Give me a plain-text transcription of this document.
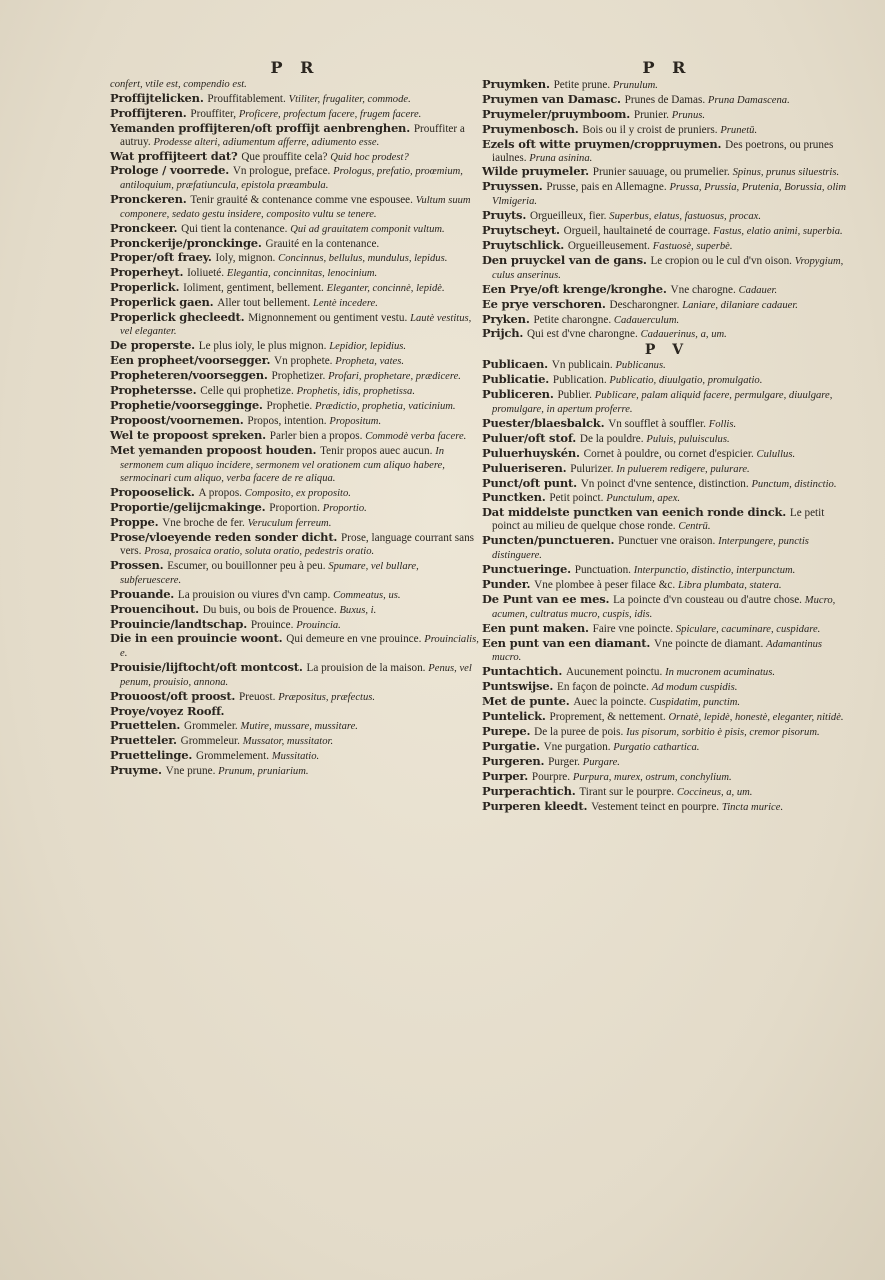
P R

confert, vtile est, compendio est.

Proffijtelicken. Prouffitablement. Vtiliter, frugaliter, commode.

Proffijteren. Prouffiter, Proficere, profectum facere, frugem facere.

Yemanden proffijteren/oft proffijt aenbrenghen. Prouffiter a autruy. Prodesse alteri, adiumentum afferre, adiumento esse.

Wat proffijteert dat? Que prouffite cela? Quid hoc prodest?

Prologe / voorrede. Vn prologue, preface. Prologus, prefatio, proœmium, antiloquium, præfatiuncula, epistola præambula.

Pronckeren. Tenir grauité & contenance comme vne espousee. Vultum suum componere, sedato gestu insidere, composito vultu se tenere.

Pronckeer. Qui tient la contenance. Qui ad grauitatem componit vultum.

Pronckerije/pronckinge. Grauité en la contenance.

Proper/oft fraey. Ioly, mignon. Concinnus, bellulus, mundulus, lepidus.

Properheyt. Ioliueté. Elegantia, concinnitas, lenocinium.

Properlick. Ioliment, gentiment, bellement. Eleganter, concinnè, lepidè.

Properlick gaen. Aller tout bellement. Lentè incedere.

Properlick ghecleedt. Mignonnement ou gentiment vestu. Lautè vestitus, vel eleganter.

De properste. Le plus ioly, le plus mignon. Lepidior, lepidius.

Een propheet/voorsegger. Vn prophete. Propheta, vates.

Propheteren/voorseggen. Prophetizer. Profari, prophetare, prædicere.

Prophetersse. Celle qui prophetize. Prophetis, idis, prophetissa.

Prophetie/voorsegginge. Prophetie. Prædictio, prophetia, vaticinium.

Propoost/voornemen. Propos, intention. Propositum.

Wel te propoost spreken. Parler bien a propos. Commodè verba facere.

Met yemanden propoost houden. Tenir propos auec aucun. In sermonem cum aliquo incidere, sermonem vel orationem cum aliquo habere, sermocinari cum aliquo, verba facere de re aliqua.

Propooselick. A propos. Composito, ex proposito.

Proportie/gelijcmakinge. Proportion. Proportio.

Proppe. Vne broche de fer. Veruculum ferreum.

Prose/vloeyende reden sonder dicht. Prose, language courrant sans vers. Prosa, prosaica oratio, soluta oratio, pedestris oratio.

Prossen. Escumer, ou bouillonner peu à peu. Spumare, vel bullare, subferuescere.

Prouande. La prouision ou viures d'vn camp. Commeatus, us.

Prouencihout. Du buis, ou bois de Prouence. Buxus, i.

Prouincie/landtschap. Prouince. Prouincia.

Die in een prouincie woont. Qui demeure en vne prouince. Prouincialis, e.

Prouisie/lijftocht/oft montcost. La prouision de la maison. Penus, vel penum, prouisio, annona.

Prouoost/oft proost. Preuost. Præpositus, præfectus.

Proye/voyez Rooff.

Pruettelen. Grommeler. Mutire, mussare, mussitare.

Pruetteler. Grommeleur. Mussator, mussitator.

Pruettelinge. Grommelement. Mussitatio.

Pruyme. Vne prune. Prunum, pruniarium.

P R

Pruymken. Petite prune. Prunulum.

Pruymen van Damasc. Prunes de Damas. Pruna Damascena.

Pruymeler/pruymboom. Prunier. Prunus.

Pruymenbosch. Bois ou il y croist de pruniers. Prunetū.

Ezels oft witte pruymen/croppruymen. Des poetrons, ou prunes iaulnes. Pruna asinina.

Wilde pruymeler. Prunier sauuage, ou prumelier. Spinus, prunus siluestris.

Pruyssen. Prusse, pais en Allemagne. Prussa, Prussia, Prutenia, Borussia, olim Vlmigeria.

Pruyts. Orgueilleux, fier. Superbus, elatus, fastuosus, procax.

Pruytscheyt. Orgueil, haultaineté de courrage. Fastus, elatio animi, superbia.

Pruytschlick. Orgueilleusement. Fastuosè, superbè.

Den pruyckel van de gans. Le cropion ou le cul d'vn oison. Vropygium, culus anserinus.

Een Prye/oft krenge/kronghe. Vne charogne. Cadauer.

Ee prye verschoren. Descharongner. Laniare, dilaniare cadauer.

Pryken. Petite charongne. Cadauerculum.

Prijch. Qui est d'vne charongne. Cadauerinus, a, um.

P V

Publicaen. Vn publicain. Publicanus.

Publicatie. Publication. Publicatio, diuulgatio, promulgatio.

Publiceren. Publier. Publicare, palam aliquid facere, permulgare, diuulgare, promulgare, in apertum proferre.

Puester/blaesbalck. Vn soufflet à souffler. Follis.

Puluer/oft stof. De la pouldre. Puluis, puluisculus.

Puluerhuyskén. Cornet à pouldre, ou cornet d'espicier. Culullus.

Pulueriseren. Pulurizer. In puluerem redigere, pulurare.

Punct/oft punt. Vn poinct d'vne sentence, distinction. Punctum, distinctio.

Punctken. Petit poinct. Punctulum, apex.

Dat middelste punctken van eenich ronde dinck. Le petit poinct au milieu de quelque chose ronde. Centrū.

Puncten/punctueren. Punctuer vne oraison. Interpungere, punctis distinguere.

Punctueringe. Punctuation. Interpunctio, distinctio, interpunctum.

Punder. Vne plombee à peser filace &c. Libra plumbata, statera.

De Punt van ee mes. La poincte d'vn cousteau ou d'autre chose. Mucro, acumen, cultratus mucro, cuspis, idis.

Een punt maken. Faire vne poincte. Spiculare, cacuminare, cuspidare.

Een punt van een diamant. Vne poincte de diamant. Adamantinus mucro.

Puntachtich. Aucunement poinctu. In mucronem acuminatus.

Puntswijse. En façon de poincte. Ad modum cuspidis.

Met de punte. Auec la poincte. Cuspidatim, punctim.

Puntelick. Proprement, & nettement. Ornatè, lepidè, honestè, eleganter, nitidè.

Purepe. De la puree de pois. Ius pisorum, sorbitio è pisis, cremor pisorum.

Purgatie. Vne purgation. Purgatio cathartica.

Purgeren. Purger. Purgare.

Purper. Pourpre. Purpura, murex, ostrum, conchylium.

Purperachtich. Tirant sur le pourpre. Coccineus, a, um.

Purperen kleedt. Vestement teinct en pourpre. Tincta murice.
